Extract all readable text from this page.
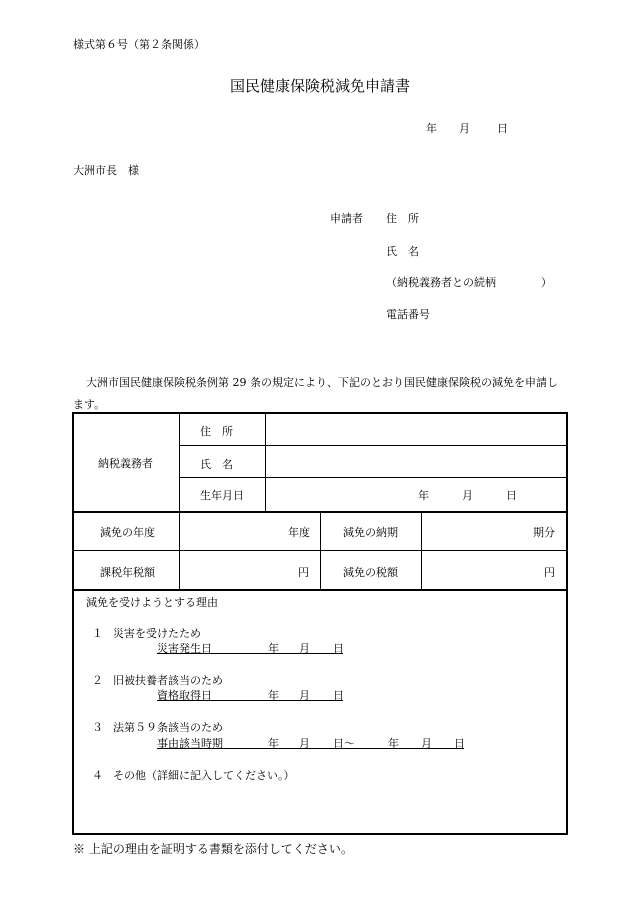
様式第６号（第２条関係）
国民健康保険税減免申請書
年 月 日
大洲市長　様
申請者 住　所
氏　名
（納税義務者との続柄	）
電話番号
大洲市国民健康保険税条例第 29 条の規定により、下記のとおり国民健康保険税の減免を申請し
ます。
納税義務者
住　所
氏　名
生年月日	年	月	日
減免の年度	年度	減免の納期	期分
課税年税額	円	減免の税額	円
減免を受けようとする理由
１ 災害を受けたため
災害発生日	年 月 日
２ 旧被扶養者該当のため
資格取得日	年 月 日
３ 法第５９条該当のため
事由該当時期	年 月 日～	年 月 日
４ その他（詳細に記入してください。）
※ 上記の理由を証明する書類を添付してください。
